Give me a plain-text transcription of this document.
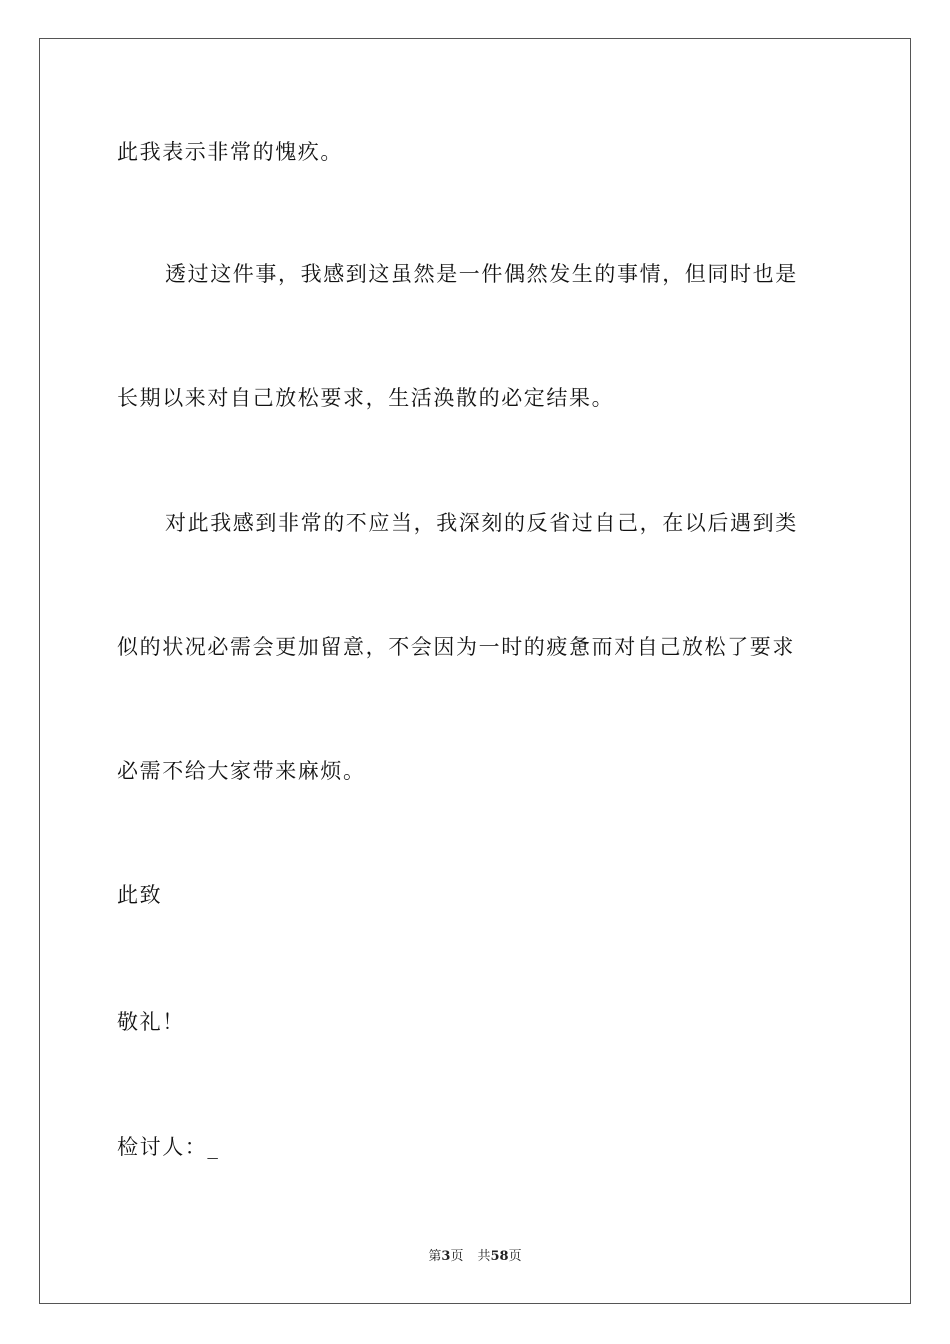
此我表示非常的愧疚。
透过这件事，我感到这虽然是一件偶然发生的事情，但同时也是
长期以来对自己放松要求，生活涣散的必定结果。
对此我感到非常的不应当，我深刻的反省过自己，在以后遇到类
似的状况必需会更加留意，不会因为一时的疲惫而对自己放松了要求
必需不给大家带来麻烦。
此致
敬礼！
检讨人：_
第3页 共58页
